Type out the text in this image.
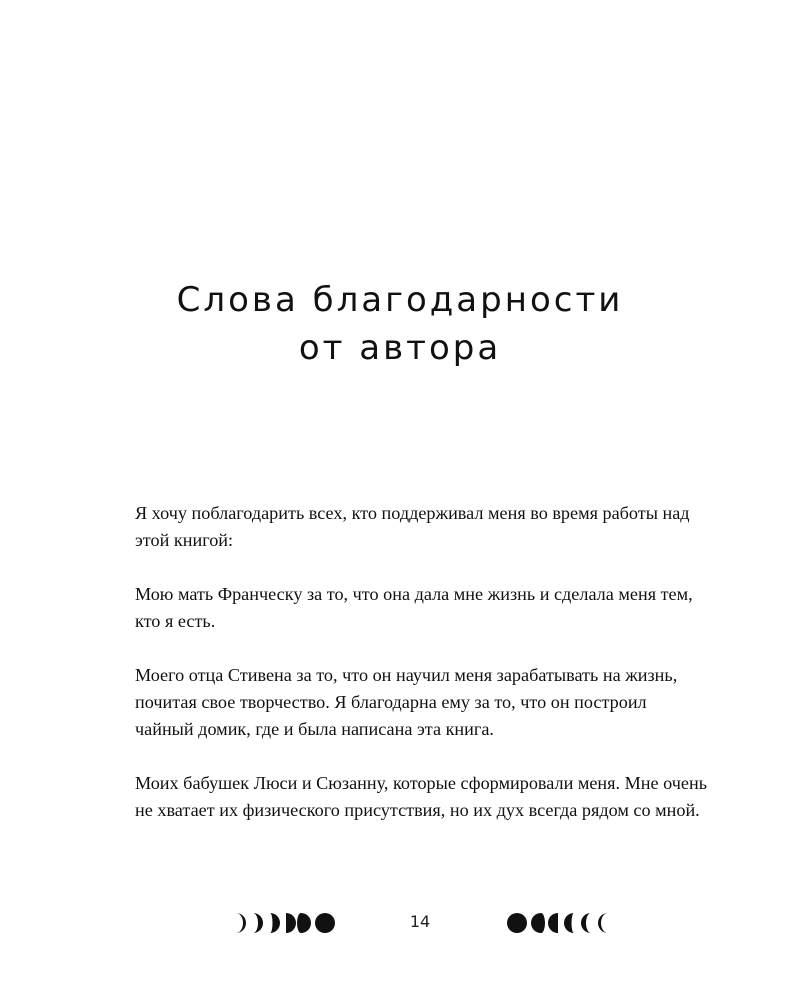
Слова благодарности
от автора

Я хочу поблагодарить всех, кто поддерживал меня во время работы над этой книгой:

Мою мать Франческу за то, что она дала мне жизнь и сделала меня тем, кто я есть.

Моего отца Стивена за то, что он научил меня зарабатывать на жизнь, почитая свое творчество. Я благодарна ему за то, что он построил чайный домик, где и была написана эта книга.

Моих бабушек Люси и Сюзанну, которые сформировали меня. Мне очень не хватает их физического присутствия, но их дух всегда рядом со мной.

14
